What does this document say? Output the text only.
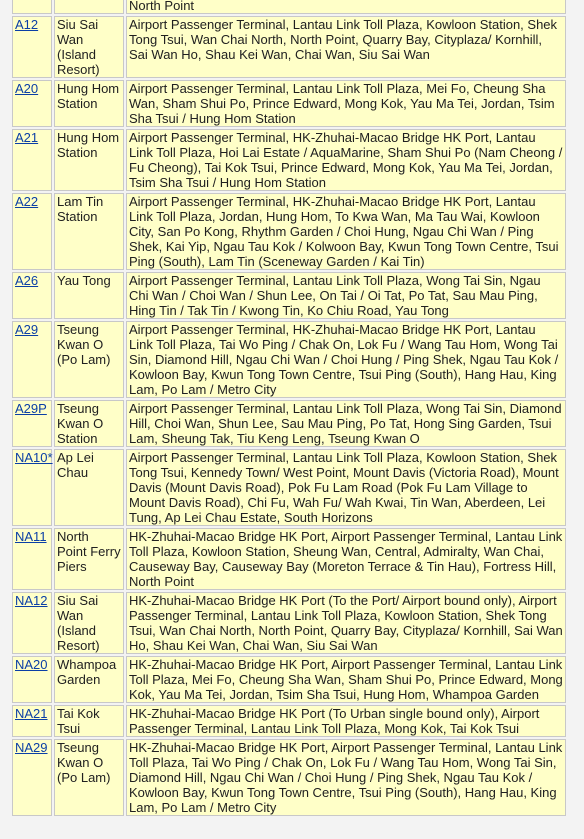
		North Point
A12	Siu Sai Wan (Island Resort)	Airport Passenger Terminal, Lantau Link Toll Plaza, Kowloon Station, Shek Tong Tsui, Wan Chai North, North Point, Quarry Bay, Cityplaza/ Kornhill, Sai Wan Ho, Shau Kei Wan, Chai Wan, Siu Sai Wan
A20	Hung Hom Station	Airport Passenger Terminal, Lantau Link Toll Plaza, Mei Fo, Cheung Sha Wan, Sham Shui Po, Prince Edward, Mong Kok, Yau Ma Tei, Jordan, Tsim Sha Tsui / Hung Hom Station
A21	Hung Hom Station	Airport Passenger Terminal, HK-Zhuhai-Macao Bridge HK Port, Lantau Link Toll Plaza, Hoi Lai Estate / AquaMarine, Sham Shui Po (Nam Cheong / Fu Cheong), Tai Kok Tsui, Prince Edward, Mong Kok, Yau Ma Tei, Jordan, Tsim Sha Tsui / Hung Hom Station
A22	Lam Tin Station	Airport Passenger Terminal, HK-Zhuhai-Macao Bridge HK Port, Lantau Link Toll Plaza, Jordan, Hung Hom, To Kwa Wan, Ma Tau Wai, Kowloon City, San Po Kong, Rhythm Garden / Choi Hung, Ngau Chi Wan / Ping Shek, Kai Yip, Ngau Tau Kok / Kolwoon Bay, Kwun Tong Town Centre, Tsui Ping (South), Lam Tin (Sceneway Garden / Kai Tin)
A26	Yau Tong	Airport Passenger Terminal, Lantau Link Toll Plaza, Wong Tai Sin, Ngau Chi Wan / Choi Wan / Shun Lee, On Tai / Oi Tat, Po Tat, Sau Mau Ping, Hing Tin / Tak Tin / Kwong Tin, Ko Chiu Road, Yau Tong
A29	Tseung Kwan O (Po Lam)	Airport Passenger Terminal, HK-Zhuhai-Macao Bridge HK Port, Lantau Link Toll Plaza, Tai Wo Ping / Chak On, Lok Fu / Wang Tau Hom, Wong Tai Sin, Diamond Hill, Ngau Chi Wan / Choi Hung / Ping Shek, Ngau Tau Kok / Kowloon Bay, Kwun Tong Town Centre, Tsui Ping (South), Hang Hau, King Lam, Po Lam / Metro City
A29P	Tseung Kwan O Station	Airport Passenger Terminal, Lantau Link Toll Plaza, Wong Tai Sin, Diamond Hill, Choi Wan, Shun Lee, Sau Mau Ping, Po Tat, Hong Sing Garden, Tsui Lam, Sheung Tak, Tiu Keng Leng, Tseung Kwan O
NA10*	Ap Lei Chau	Airport Passenger Terminal, Lantau Link Toll Plaza, Kowloon Station, Shek Tong Tsui, Kennedy Town/ West Point, Mount Davis (Victoria Road), Mount Davis (Mount Davis Road), Pok Fu Lam Road (Pok Fu Lam Village to Mount Davis Road), Chi Fu, Wah Fu/ Wah Kwai, Tin Wan, Aberdeen, Lei Tung, Ap Lei Chau Estate, South Horizons
NA11	North Point Ferry Piers	HK-Zhuhai-Macao Bridge HK Port, Airport Passenger Terminal, Lantau Link Toll Plaza, Kowloon Station, Sheung Wan, Central, Admiralty, Wan Chai, Causeway Bay, Causeway Bay (Moreton Terrace & Tin Hau), Fortress Hill, North Point
NA12	Siu Sai Wan (Island Resort)	HK-Zhuhai-Macao Bridge HK Port (To the Port/ Airport bound only), Airport Passenger Terminal, Lantau Link Toll Plaza, Kowloon Station, Shek Tong Tsui, Wan Chai North, North Point, Quarry Bay, Cityplaza/ Kornhill, Sai Wan Ho, Shau Kei Wan, Chai Wan, Siu Sai Wan
NA20	Whampoa Garden	HK-Zhuhai-Macao Bridge HK Port, Airport Passenger Terminal, Lantau Link Toll Plaza, Mei Fo, Cheung Sha Wan, Sham Shui Po, Prince Edward, Mong Kok, Yau Ma Tei, Jordan, Tsim Sha Tsui, Hung Hom, Whampoa Garden
NA21	Tai Kok Tsui	HK-Zhuhai-Macao Bridge HK Port (To Urban single bound only), Airport Passenger Terminal, Lantau Link Toll Plaza, Mong Kok, Tai Kok Tsui
NA29	Tseung Kwan O (Po Lam)	HK-Zhuhai-Macao Bridge HK Port, Airport Passenger Terminal, Lantau Link Toll Plaza, Tai Wo Ping / Chak On, Lok Fu / Wang Tau Hom, Wong Tai Sin, Diamond Hill, Ngau Chi Wan / Choi Hung / Ping Shek, Ngau Tau Kok / Kowloon Bay, Kwun Tong Town Centre, Tsui Ping (South), Hang Hau, King Lam, Po Lam / Metro City
